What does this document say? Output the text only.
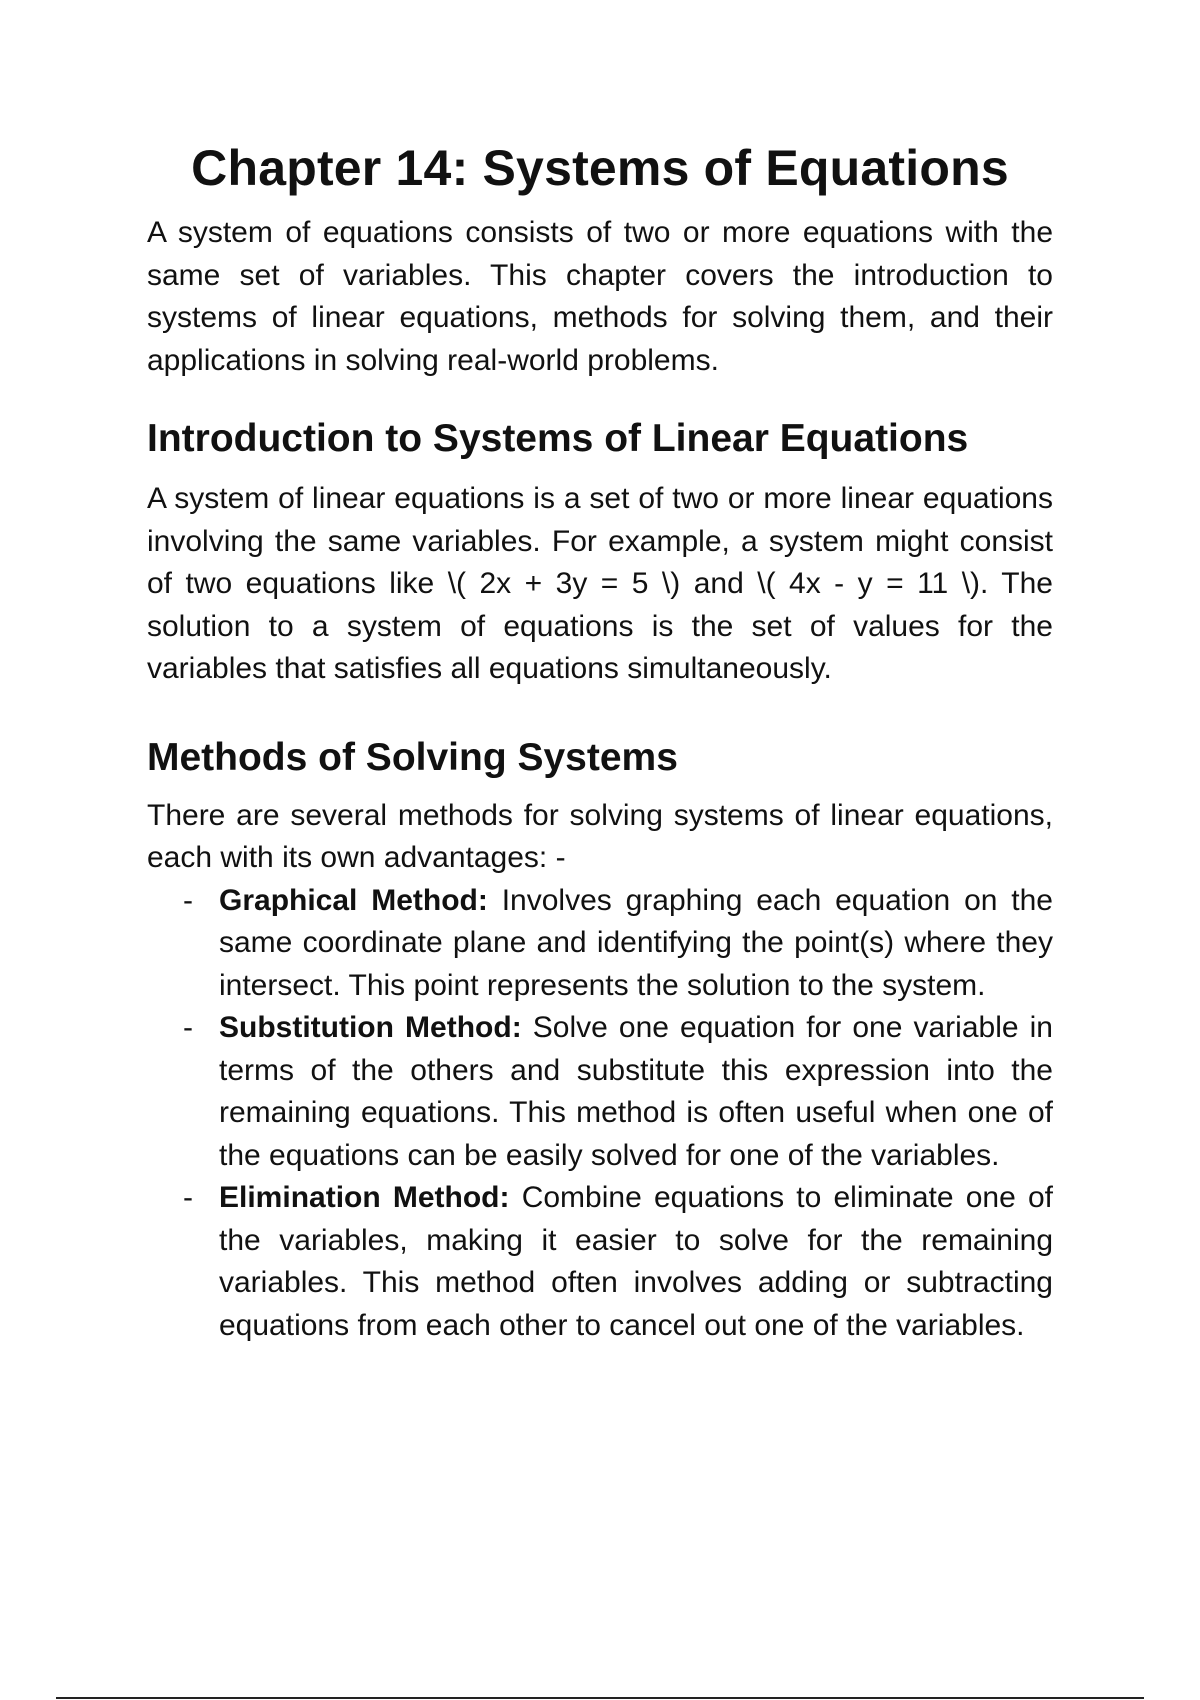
Chapter 14: Systems of Equations

A system of equations consists of two or more equations with the same set of variables. This chapter covers the introduction to systems of linear equations, methods for solving them, and their applications in solving real-world problems.

Introduction to Systems of Linear Equations

A system of linear equations is a set of two or more linear equations involving the same variables. For example, a system might consist of two equations like \( 2x + 3y = 5 \) and \( 4x - y = 11 \). The solution to a system of equations is the set of values for the variables that satisfies all equations simultaneously.

Methods of Solving Systems

There are several methods for solving systems of linear equations, each with its own advantages: -

- Graphical Method: Involves graphing each equation on the same coordinate plane and identifying the point(s) where they intersect. This point represents the solution to the system.
- Substitution Method: Solve one equation for one variable in terms of the others and substitute this expression into the remaining equations. This method is often useful when one of the equations can be easily solved for one of the variables.
- Elimination Method: Combine equations to eliminate one of the variables, making it easier to solve for the remaining variables. This method often involves adding or subtracting equations from each other to cancel out one of the variables.
